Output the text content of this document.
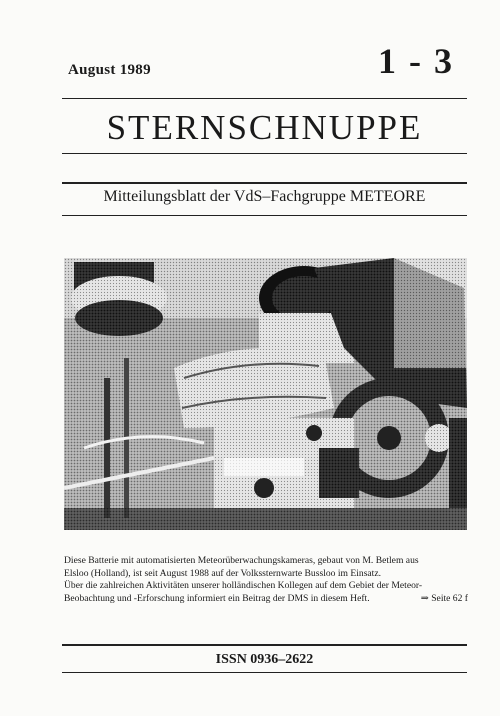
August 1989	1 - 3
STERNSCHNUPPE
Mitteilungsblatt der VdS–Fachgruppe METEORE
Diese Batterie mit automatisierten Meteorüberwachungskameras, gebaut von M. Betlem aus
Elsloo (Holland), ist seit August 1988 auf der Volkssternwarte Bussloo im Einsatz.
Über die zahlreichen Aktivitäten unserer holländischen Kollegen auf dem Gebiet der Meteor-
Beobachtung und -Erforschung informiert ein Beitrag der DMS in diesem Heft.	⇒ Seite 62 f
ISSN 0936–2622
